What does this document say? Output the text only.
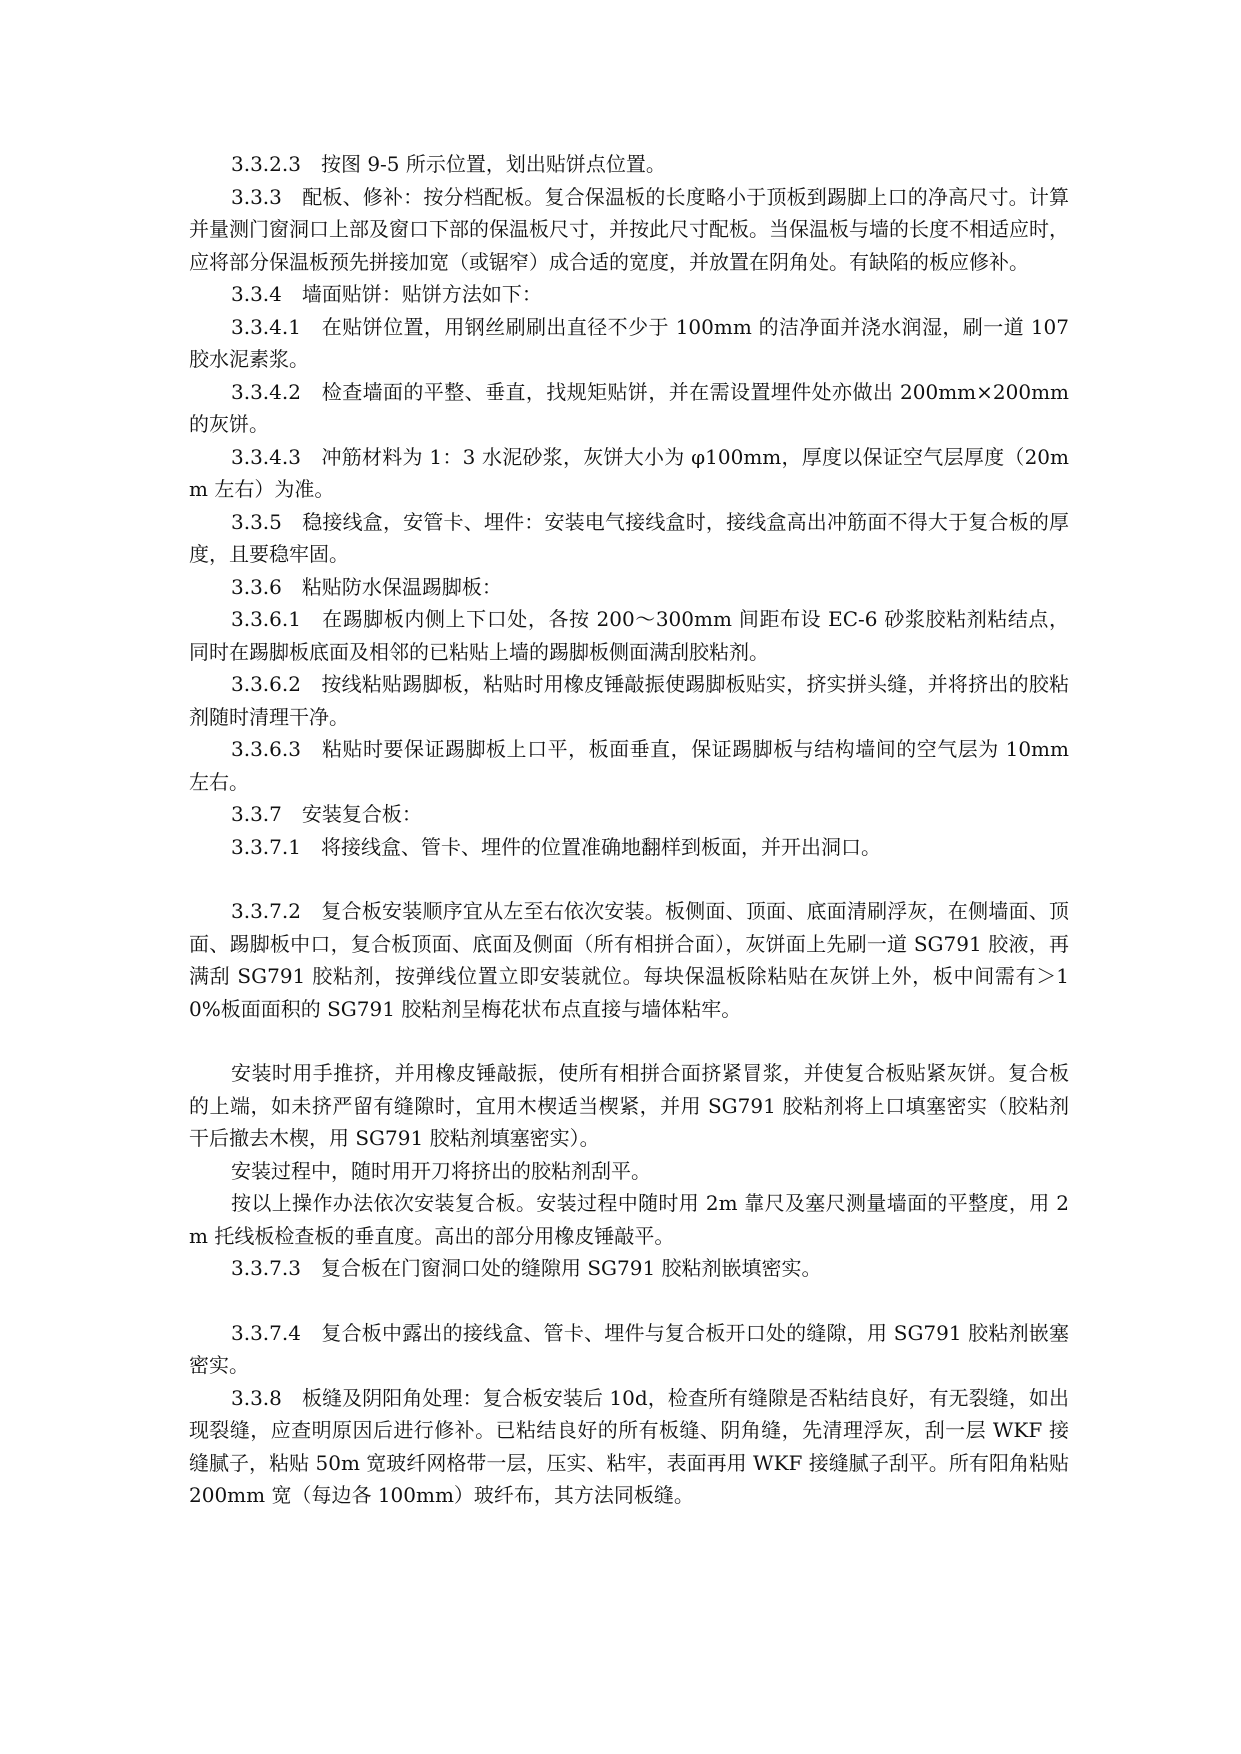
3.3.2.3　按图 9-5 所示位置，划出贴饼点位置。

3.3.3　配板、修补：按分档配板。复合保温板的长度略小于顶板到踢脚上口的净高尺寸。计算并量测门窗洞口上部及窗口下部的保温板尺寸，并按此尺寸配板。当保温板与墙的长度不相适应时，应将部分保温板预先拼接加宽（或锯窄）成合适的宽度，并放置在阴角处。有缺陷的板应修补。

3.3.4　墙面贴饼：贴饼方法如下：

3.3.4.1　在贴饼位置，用钢丝刷刷出直径不少于 100mm 的洁净面并浇水润湿，刷一道 107 胶水泥素浆。

3.3.4.2　检查墙面的平整、垂直，找规矩贴饼，并在需设置埋件处亦做出 200mm×200mm 的灰饼。

3.3.4.3　冲筋材料为 1：3 水泥砂浆，灰饼大小为 φ100mm，厚度以保证空气层厚度（20mm 左右）为准。

3.3.5　稳接线盒，安管卡、埋件：安装电气接线盒时，接线盒高出冲筋面不得大于复合板的厚度，且要稳牢固。

3.3.6　粘贴防水保温踢脚板：

3.3.6.1　在踢脚板内侧上下口处，各按 200～300mm 间距布设 EC-6 砂浆胶粘剂粘结点，同时在踢脚板底面及相邻的已粘贴上墙的踢脚板侧面满刮胶粘剂。

3.3.6.2　按线粘贴踢脚板，粘贴时用橡皮锤敲振使踢脚板贴实，挤实拼头缝，并将挤出的胶粘剂随时清理干净。

3.3.6.3　粘贴时要保证踢脚板上口平，板面垂直，保证踢脚板与结构墙间的空气层为 10mm 左右。

3.3.7　安装复合板：

3.3.7.1　将接线盒、管卡、埋件的位置准确地翻样到板面，并开出洞口。

3.3.7.2　复合板安装顺序宜从左至右依次安装。板侧面、顶面、底面清刷浮灰，在侧墙面、顶面、踢脚板中口，复合板顶面、底面及侧面（所有相拼合面），灰饼面上先刷一道 SG791 胶液，再满刮 SG791 胶粘剂，按弹线位置立即安装就位。每块保温板除粘贴在灰饼上外，板中间需有＞10%板面面积的 SG791 胶粘剂呈梅花状布点直接与墙体粘牢。

安装时用手推挤，并用橡皮锤敲振，使所有相拼合面挤紧冒浆，并使复合板贴紧灰饼。复合板的上端，如未挤严留有缝隙时，宜用木楔适当楔紧，并用 SG791 胶粘剂将上口填塞密实（胶粘剂干后撤去木楔，用 SG791 胶粘剂填塞密实）。

安装过程中，随时用开刀将挤出的胶粘剂刮平。

按以上操作办法依次安装复合板。安装过程中随时用 2m 靠尺及塞尺测量墙面的平整度，用 2m 托线板检查板的垂直度。高出的部分用橡皮锤敲平。

3.3.7.3　复合板在门窗洞口处的缝隙用 SG791 胶粘剂嵌填密实。

3.3.7.4　复合板中露出的接线盒、管卡、埋件与复合板开口处的缝隙，用 SG791 胶粘剂嵌塞密实。

3.3.8　板缝及阴阳角处理：复合板安装后 10d，检查所有缝隙是否粘结良好，有无裂缝，如出现裂缝，应查明原因后进行修补。已粘结良好的所有板缝、阴角缝，先清理浮灰，刮一层 WKF 接缝腻子，粘贴 50m 宽玻纤网格带一层，压实、粘牢，表面再用 WKF 接缝腻子刮平。所有阳角粘贴 200mm 宽（每边各 100mm）玻纤布，其方法同板缝。
